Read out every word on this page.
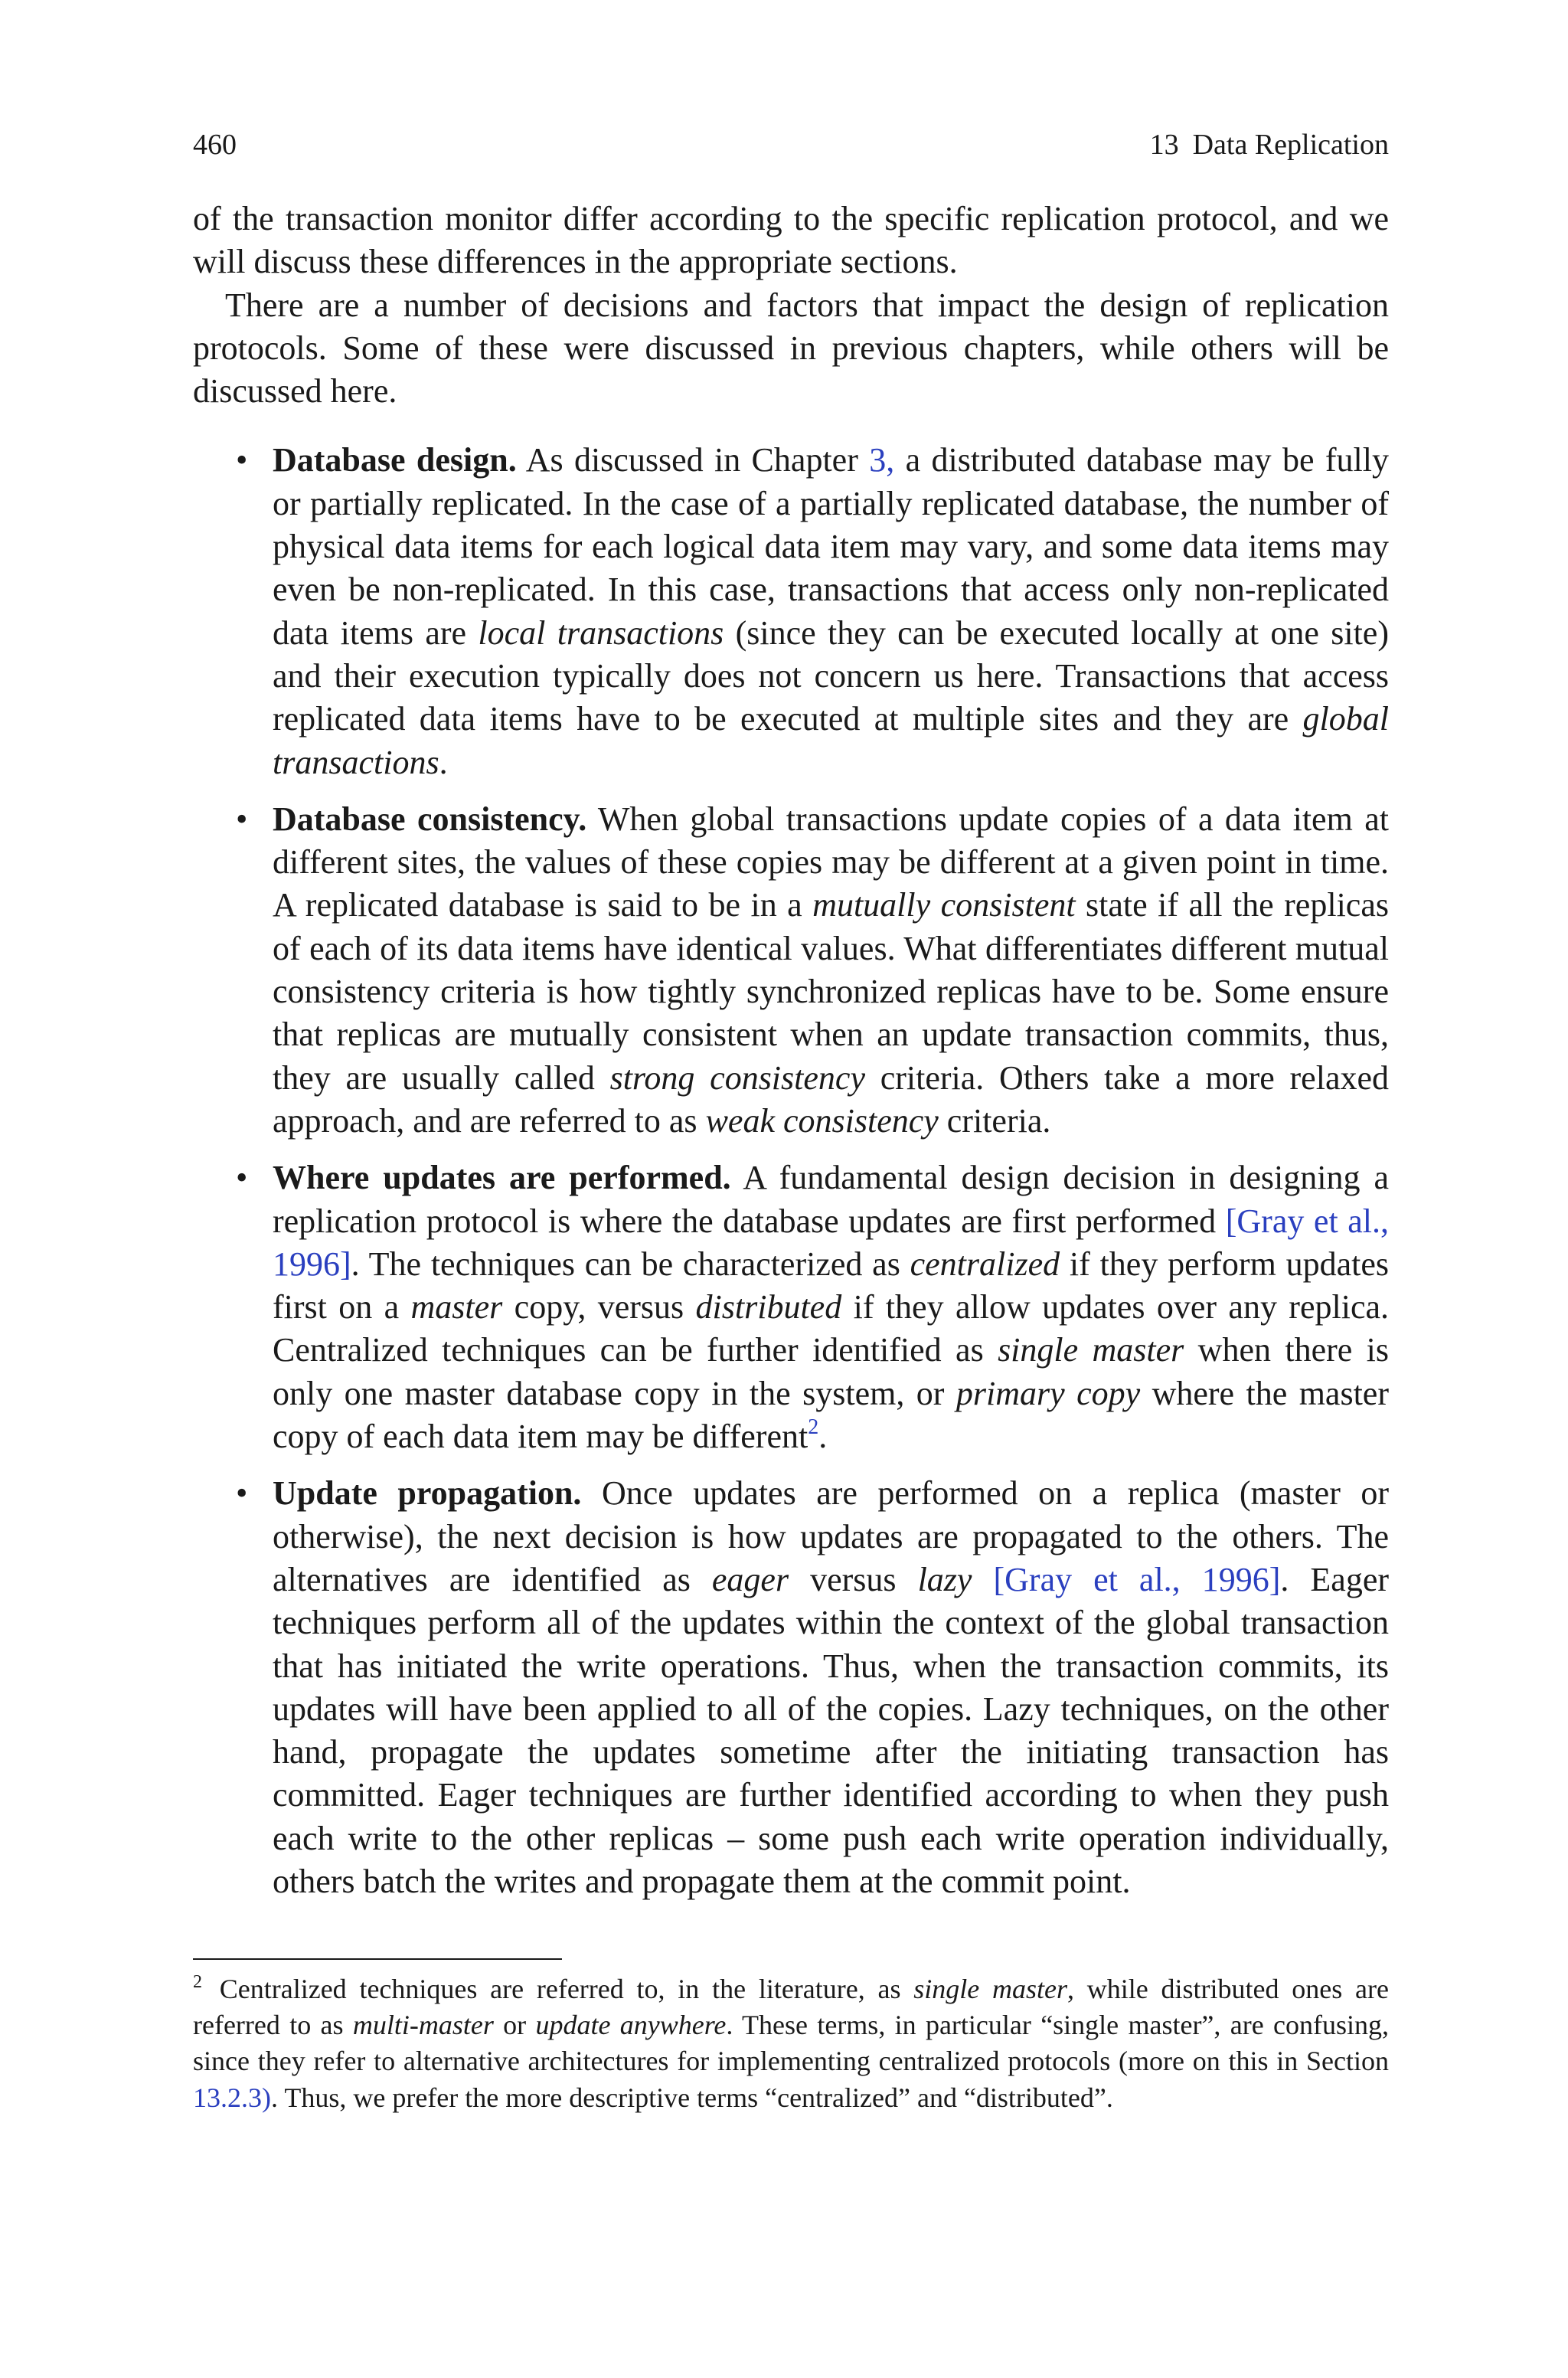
460	13 Data Replication

of the transaction monitor differ according to the specific replication protocol, and we will discuss these differences in the appropriate sections.

There are a number of decisions and factors that impact the design of replication protocols. Some of these were discussed in previous chapters, while others will be discussed here.

• Database design. As discussed in Chapter 3, a distributed database may be fully or partially replicated. In the case of a partially replicated database, the number of physical data items for each logical data item may vary, and some data items may even be non-replicated. In this case, transactions that access only non-replicated data items are local transactions (since they can be executed locally at one site) and their execution typically does not concern us here. Transactions that access replicated data items have to be executed at multiple sites and they are global transactions.
• Database consistency. When global transactions update copies of a data item at different sites, the values of these copies may be different at a given point in time. A replicated database is said to be in a mutually consistent state if all the replicas of each of its data items have identical values. What differentiates different mutual consistency criteria is how tightly synchronized replicas have to be. Some ensure that replicas are mutually consistent when an update transaction commits, thus, they are usually called strong consistency criteria. Others take a more relaxed approach, and are referred to as weak consistency criteria.
• Where updates are performed. A fundamental design decision in designing a replication protocol is where the database updates are first performed [Gray et al., 1996]. The techniques can be characterized as centralized if they perform updates first on a master copy, versus distributed if they allow updates over any replica. Centralized techniques can be further identified as single master when there is only one master database copy in the system, or primary copy where the master copy of each data item may be different$^2$.
• Update propagation. Once updates are performed on a replica (master or otherwise), the next decision is how updates are propagated to the others. The alternatives are identified as eager versus lazy [Gray et al., 1996]. Eager techniques perform all of the updates within the context of the global transaction that has initiated the write operations. Thus, when the transaction commits, its updates will have been applied to all of the copies. Lazy techniques, on the other hand, propagate the updates sometime after the initiating transaction has committed. Eager techniques are further identified according to when they push each write to the other replicas – some push each write operation individually, others batch the writes and propagate them at the commit point.
$^2$ Centralized techniques are referred to, in the literature, as single master, while distributed ones are referred to as multi-master or update anywhere. These terms, in particular “single master”, are confusing, since they refer to alternative architectures for implementing centralized protocols (more on this in Section 13.2.3). Thus, we prefer the more descriptive terms “centralized” and “distributed”.
